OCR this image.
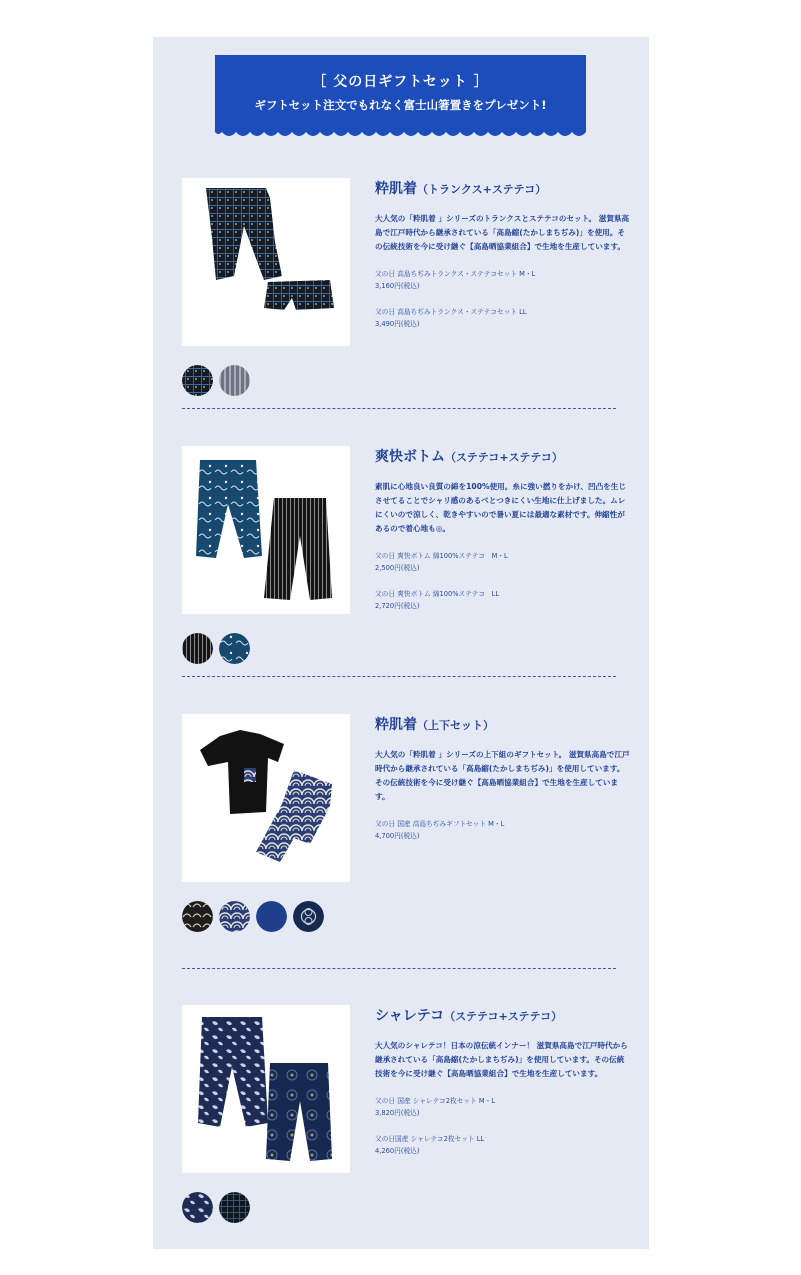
［ 父の日ギフトセット ］
ギフトセット注文でもれなく富士山箸置きをプレゼント!
粋肌着（トランクス+ステテコ）
大人気の「粋肌着 」シリーズのトランクスとステテコのセット。 滋賀県高島で江戸時代から継承されている「高島縮(たかしまちぢみ)」を使用。その伝統技術を今に受け継ぐ【高島晒協業組合】で生地を生産しています。
父の日 高島ちぢみトランクス・ステテコセット M・L
3,160円(税込)
父の日 高島ちぢみトランクス・ステテコセット LL
3,490円(税込)
爽快ボトム（ステテコ+ステテコ）
素肌に心地良い良質の綿を100%使用。糸に強い撚りをかけ、凹凸を生じさせてることでシャリ感のあるべとつきにくい生地に仕上げました。ムレにくいので涼しく、乾きやすいので暑い夏には最適な素材です。伸縮性があるので着心地も◎。
父の日 爽快ボトム 綿100%ステテコ　M・L
2,500円(税込)
父の日 爽快ボトム 綿100%ステテコ　LL
2,720円(税込)
粋肌着（上下セット）
大人気の「粋肌着 」シリーズの上下組のギフトセット。 滋賀県高島で江戸時代から継承されている「高島縮(たかしまちぢみ)」を使用しています。その伝統技術を今に受け継ぐ【高島晒協業組合】で生地を生産しています。
父の日 国産 高島ちぢみギフトセット M・L
4,700円(税込)
シャレテコ（ステテコ+ステテコ）
大人気のシャレテコ！日本の涼伝統インナー！ 滋賀県高島で江戸時代から継承されている「高島縮(たかしまちぢみ)」を使用しています。その伝統技術を今に受け継ぐ【高島晒協業組合】で生地を生産しています。
父の日 国産 シャレテコ2枚セット M・L
3,820円(税込)
父の日国産 シャレテコ2枚セット LL
4,260円(税込)
